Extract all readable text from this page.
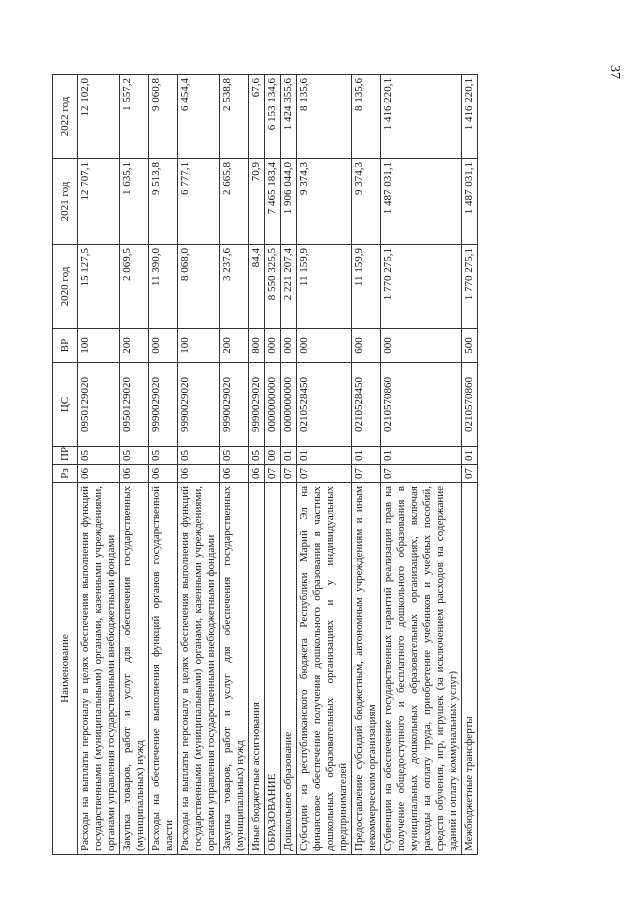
37
Наименование	Рз	ПР	ЦС	ВР	2020 год	2021 год	2022 год
Расходы на выплаты персоналу в целях обеспечения выполнения функций государственными (муниципальными) органами, казенными учреждениями, органами управления государственными внебюджетными фондами	06	05	0950129020	100	15 127,5	12 707,1	12 102,0
Закупка товаров, работ и услуг для обеспечения государственных (муниципальных) нужд	06	05	0950129020	200	2 069,5	1 635,1	1 557,2
Расходы на обеспечение выполнения функций органов государственной власти	06	05	9990029020	000	11 390,0	9 513,8	9 060,8
Расходы на выплаты персоналу в целях обеспечения выполнения функций государственными (муниципальными) органами, казенными учреждениями, органами управления государственными внебюджетными фондами	06	05	9990029020	100	8 068,0	6 777,1	6 454,4
Закупка товаров, работ и услуг для обеспечения государственных (муниципальных) нужд	06	05	9990029020	200	3 237,6	2 665,8	2 538,8
Иные бюджетные ассигнования	06	05	9990029020	800	84,4	70,9	67,6
ОБРАЗОВАНИЕ	07	00	0000000000	000	8 550 325,5	7 465 183,4	6 153 134,6
Дошкольное образование	07	01	0000000000	000	2 221 207,4	1 906 044,0	1 424 355,6
Субсидии из республиканского бюджета Республики Марий Эл на финансовое обеспечение получения дошкольного образования в частных дошкольных образовательных организациях и у индивидуальных предпринимателей	07	01	0210528450	000	11 159,9	9 374,3	8 135,6
Предоставление субсидий бюджетным, автономным учреждениям и иным некоммерческим организациям	07	01	0210528450	600	11 159,9	9 374,3	8 135,6
Субвенции на обеспечение государственных гарантий реализации прав на получение общедоступного и бесплатного дошкольного образования в муниципальных дошкольных образовательных организациях, включая расходы на оплату труда, приобретение учебников и учебных пособий, средств обучения, игр, игрушек (за исключением расходов на содержание зданий и оплату коммунальных услуг)	07	01	0210570860	000	1 770 275,1	1 487 031,1	1 416 220,1
Межбюджетные трансферты	07	01	0210570860	500	1 770 275,1	1 487 031,1	1 416 220,1
